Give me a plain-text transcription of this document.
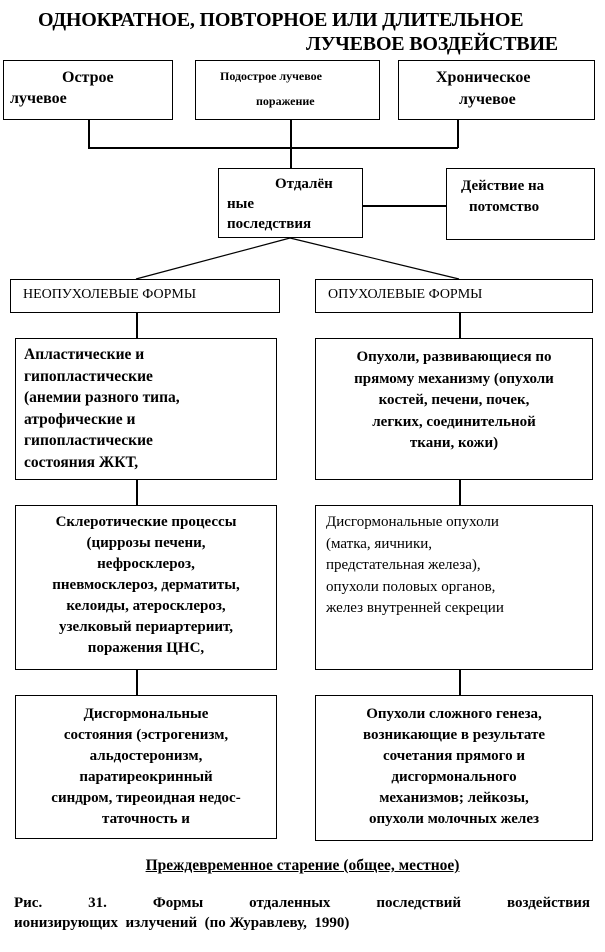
ОДНОКРАТНОЕ, ПОВТОРНОЕ ИЛИ ДЛИТЕЛЬНОЕ
ЛУЧЕВОЕ ВОЗДЕЙСТВИЕ
Острое
лучевое
Подострое лучевое
поражение
Хроническое
лучевое
Отдалён
ные
последствия
Действие на
потомство
НЕОПУХОЛЕВЫЕ ФОРМЫ	ОПУХОЛЕВЫЕ ФОРМЫ
Апластические и
гипопластические
(анемии разного типа,
атрофические и
гипопластические
состояния ЖКТ,
Склеротические процессы
(циррозы печени,
нефросклероз,
пневмосклероз, дерматиты,
келоиды, атеросклероз,
узелковый периартериит,
поражения ЦНС,
Дисгормональные
состояния (эстрогенизм,
альдостеронизм,
паратиреокринный
синдром, тиреоидная недос-
таточность и
Опухоли, развивающиеся по
прямому механизму (опухоли
костей, печени, почек,
легких, соединительной
ткани, кожи)
Дисгормональные опухоли
(матка, яичники,
предстательная железа),
опухоли половых органов,
желез внутренней секреции
Опухоли сложного генеза,
возникающие в результате
сочетания прямого и
дисгормонального
механизмов; лейкозы,
опухоли молочных желез
Преждевременное старение (общее, местное)
Рис.	31.	Формы	отдаленных	последствий	воздействия
ионизирующих  излучений  (по Журавлеву,  1990)
